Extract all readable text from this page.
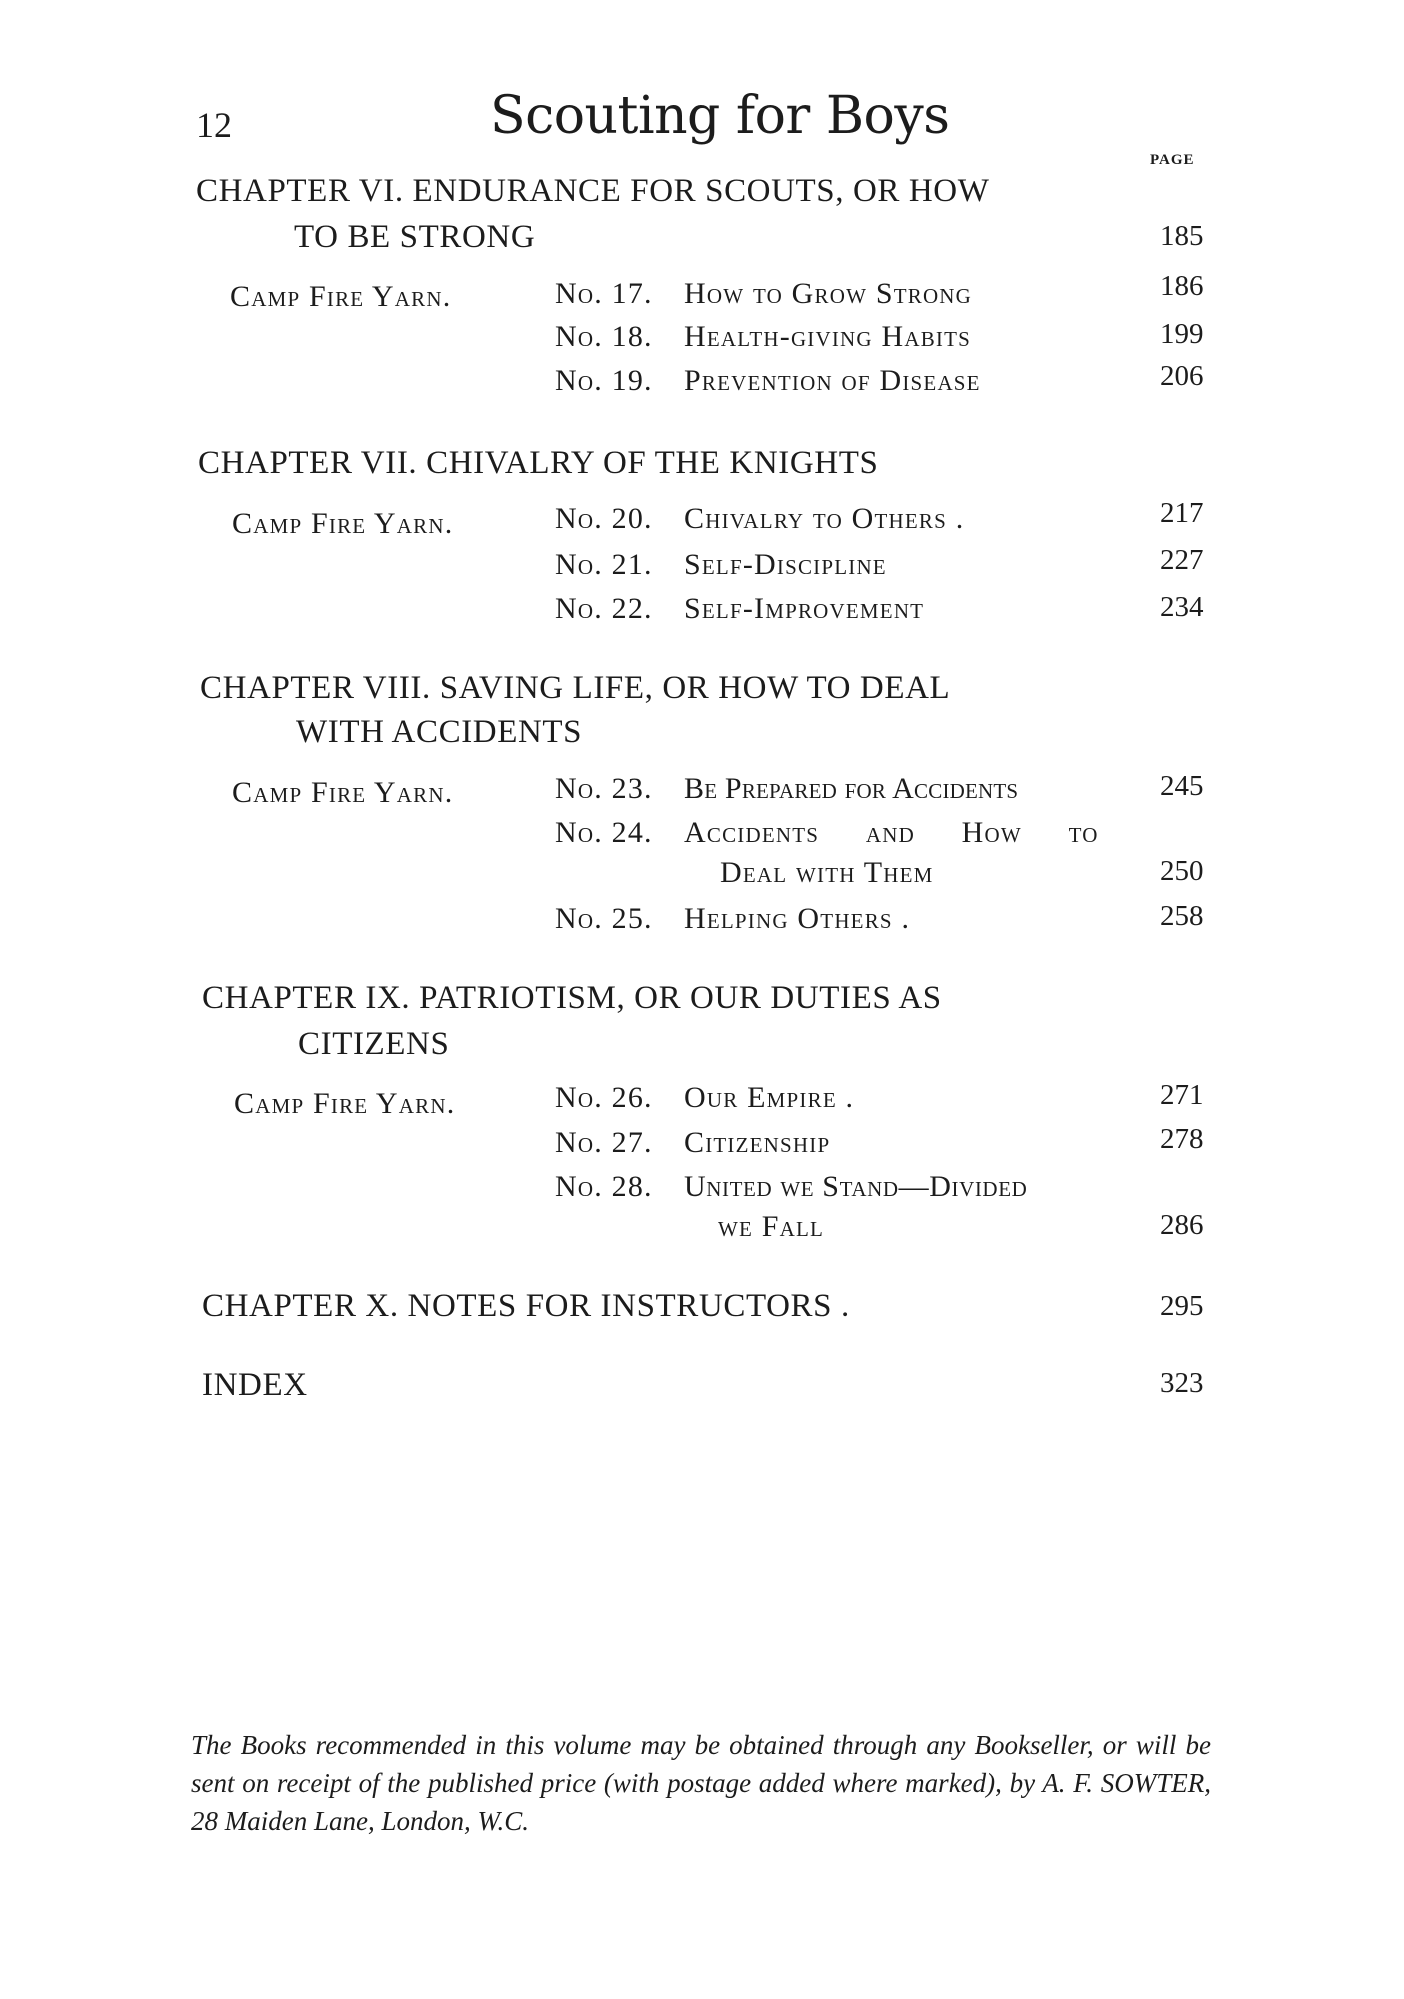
12	Scouting for Boys
PAGE
CHAPTER VI. ENDURANCE FOR SCOUTS, OR HOW
TO BE STRONG	185
Camp Fire Yarn.	No. 17. How to Grow Strong	186
No. 18. Health-giving Habits	199
No. 19. Prevention of Disease	206
CHAPTER VII. CHIVALRY OF THE KNIGHTS
Camp Fire Yarn.	No. 20. Chivalry to Others .	217
No. 21. Self-Discipline	227
No. 22. Self-Improvement	234
CHAPTER VIII. SAVING LIFE, OR HOW TO DEAL
WITH ACCIDENTS
Camp Fire Yarn.	No. 23. Be Prepared for Accidents	245
No. 24. Accidents and How to
Deal with Them	250
No. 25. Helping Others .	258
CHAPTER IX. PATRIOTISM, OR OUR DUTIES AS
CITIZENS
Camp Fire Yarn.	No. 26. Our Empire .	271
No. 27. Citizenship	278
No. 28. United we Stand—Divided
we Fall	286
CHAPTER X. NOTES FOR INSTRUCTORS .	295
INDEX	323
The Books recommended in this volume may be obtained through any Bookseller, or will be sent on receipt of the published price (with postage added where marked), by A. F. SOWTER, 28 Maiden Lane, London, W.C.
